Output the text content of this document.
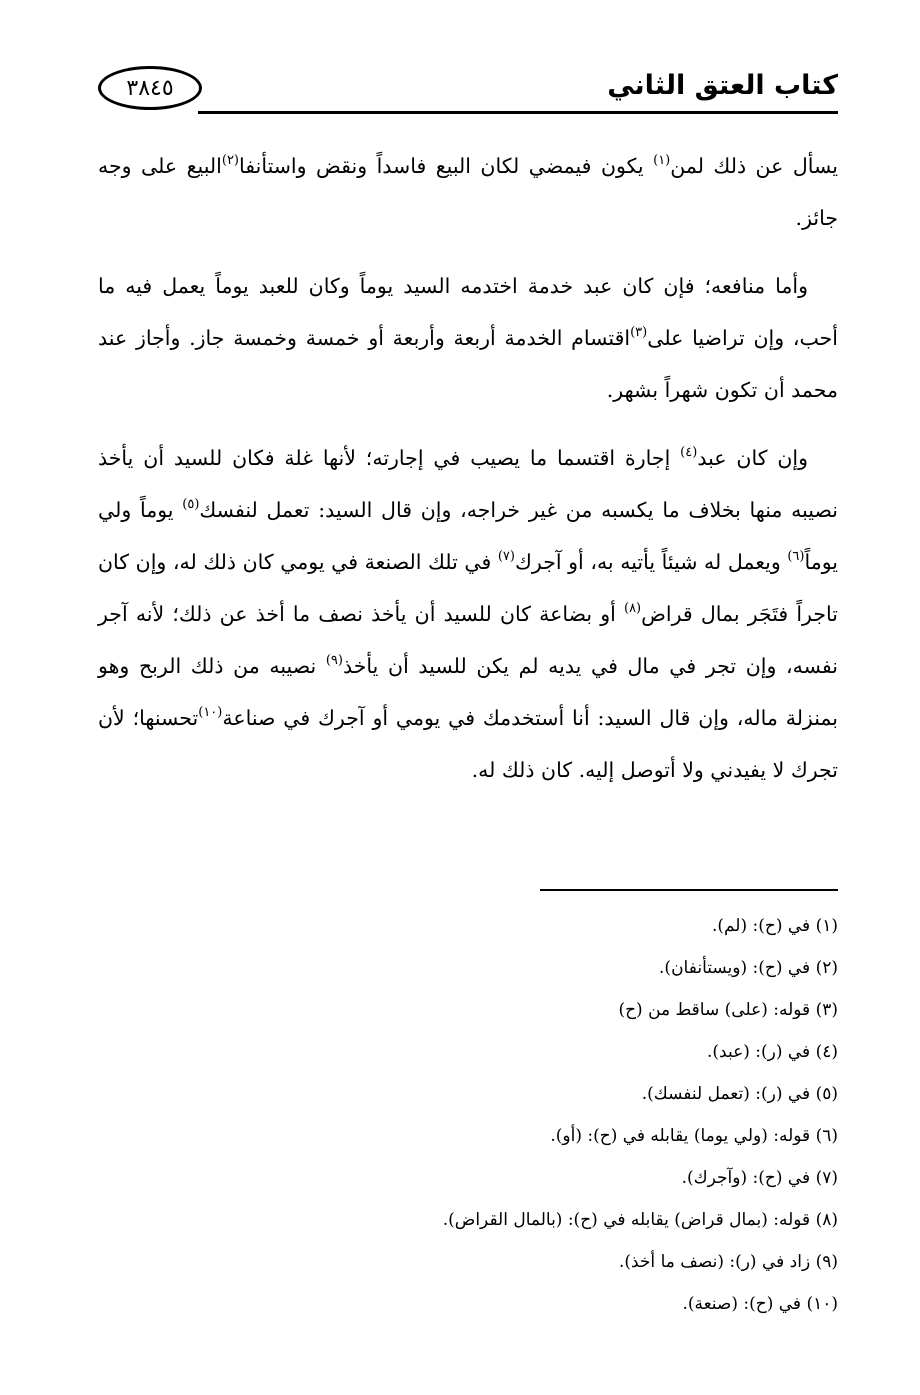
كتاب العتق الثاني
٣٨٤٥

يسأل عن ذلك لمن$^{(١)}$ يكون فيمضي لكان البيع فاسداً ونقض واستأنفا$^{(٢)}$البيع على وجه جائز.

وأما منافعه؛ فإن كان عبد خدمة اختدمه السيد يوماً وكان للعبد يوماً يعمل فيه ما أحب، وإن تراضيا على$^{(٣)}$اقتسام الخدمة أربعة وأربعة أو خمسة وخمسة جاز. وأجاز عند محمد أن تكون شهراً بشهر.

وإن كان عبد$^{(٤)}$ إجارة اقتسما ما يصيب في إجارته؛ لأنها غلة فكان للسيد أن يأخذ نصيبه منها بخلاف ما يكسبه من غير خراجه، وإن قال السيد: تعمل لنفسك$^{(٥)}$ يوماً ولي يوماً$^{(٦)}$ ويعمل له شيئاً يأتيه به، أو آجرك$^{(٧)}$ في تلك الصنعة في يومي كان ذلك له، وإن كان تاجراً فتَجَر بمال قراض$^{(٨)}$ أو بضاعة كان للسيد أن يأخذ نصف ما أخذ عن ذلك؛ لأنه آجر نفسه، وإن تجر في مال في يديه لم يكن للسيد أن يأخذ$^{(٩)}$ نصيبه من ذلك الربح وهو بمنزلة ماله، وإن قال السيد: أنا أستخدمك في يومي أو آجرك في صناعة$^{(١٠)}$تحسنها؛ لأن تجرك لا يفيدني ولا أتوصل إليه. كان ذلك له.

(١) في (ح): (لم).
(٢) في (ح): (ويستأنفان).
(٣) قوله: (على) ساقط من (ح)
(٤) في (ر): (عبد).
(٥) في (ر): (تعمل لنفسك).
(٦) قوله: (ولي يوما) يقابله في (ح): (أو).
(٧) في (ح): (وآجرك).
(٨) قوله: (بمال قراض) يقابله في (ح): (بالمال القراض).
(٩) زاد في (ر): (نصف ما أخذ).
(١٠) في (ح): (صنعة).
